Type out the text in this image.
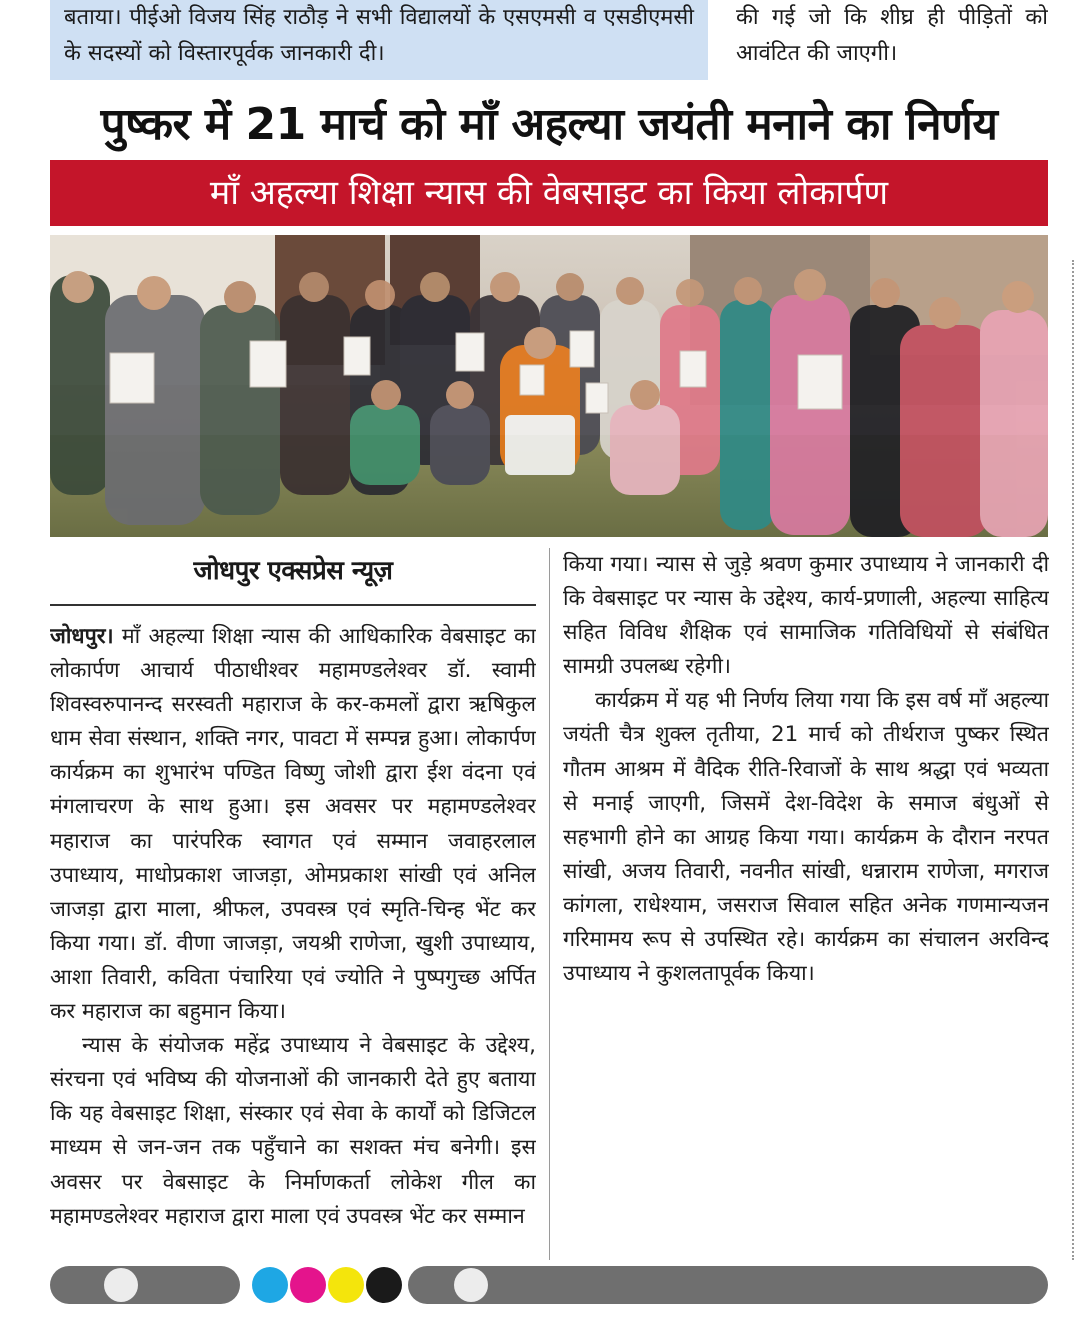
बताया। पीईओ विजय सिंह राठौड़ ने सभी विद्यालयों के एसएमसी व एसडीएमसी के सदस्यों को विस्तारपूर्वक जानकारी दी।
की गई जो कि शीघ्र ही पीड़ितों को आवंटित की जाएगी।
पुष्कर में 21 मार्च को माँ अहल्या जयंती मनाने का निर्णय
माँ अहल्या शिक्षा न्यास की वेबसाइट का किया लोकार्पण
जोधपुर एक्सप्रेस न्यूज़

जोधपुर। माँ अहल्या शिक्षा न्यास की आधिकारिक वेबसाइट का लोकार्पण आचार्य पीठाधीश्वर महामण्डलेश्वर डॉ. स्वामी शिवस्वरुपानन्द सरस्वती महाराज के कर-कमलों द्वारा ऋषिकुल धाम सेवा संस्थान, शक्ति नगर, पावटा में सम्पन्न हुआ। लोकार्पण कार्यक्रम का शुभारंभ पण्डित विष्णु जोशी द्वारा ईश वंदना एवं मंगलाचरण के साथ हुआ। इस अवसर पर महामण्डलेश्वर महाराज का पारंपरिक स्वागत एवं सम्मान जवाहरलाल उपाध्याय, माधोप्रकाश जाजड़ा, ओमप्रकाश सांखी एवं अनिल जाजड़ा द्वारा माला, श्रीफल, उपवस्त्र एवं स्मृति-चिन्ह भेंट कर किया गया। डॉ. वीणा जाजड़ा, जयश्री राणेजा, खुशी उपाध्याय, आशा तिवारी, कविता पंचारिया एवं ज्योति ने पुष्पगुच्छ अर्पित कर महाराज का बहुमान किया।

न्यास के संयोजक महेंद्र उपाध्याय ने वेबसाइट के उद्देश्य, संरचना एवं भविष्य की योजनाओं की जानकारी देते हुए बताया कि यह वेबसाइट शिक्षा, संस्कार एवं सेवा के कार्यों को डिजिटल माध्यम से जन-जन तक पहुँचाने का सशक्त मंच बनेगी। इस अवसर पर वेबसाइट के निर्माणकर्ता लोकेश गील का महामण्डलेश्वर महाराज द्वारा माला एवं उपवस्त्र भेंट कर सम्मान

किया गया। न्यास से जुड़े श्रवण कुमार उपाध्याय ने जानकारी दी कि वेबसाइट पर न्यास के उद्देश्य, कार्य-प्रणाली, अहल्या साहित्य सहित विविध शैक्षिक एवं सामाजिक गतिविधियों से संबंधित सामग्री उपलब्ध रहेगी।

कार्यक्रम में यह भी निर्णय लिया गया कि इस वर्ष माँ अहल्या जयंती चैत्र शुक्ल तृतीया, 21 मार्च को तीर्थराज पुष्कर स्थित गौतम आश्रम में वैदिक रीति-रिवाजों के साथ श्रद्धा एवं भव्यता से मनाई जाएगी, जिसमें देश-विदेश के समाज बंधुओं से सहभागी होने का आग्रह किया गया। कार्यक्रम के दौरान नरपत सांखी, अजय तिवारी, नवनीत सांखी, धन्नाराम राणेजा, मगराज कांगला, राधेश्याम, जसराज सिवाल सहित अनेक गणमान्यजन गरिमामय रूप से उपस्थित रहे। कार्यक्रम का संचालन अरविन्द उपाध्याय ने कुशलतापूर्वक किया।
